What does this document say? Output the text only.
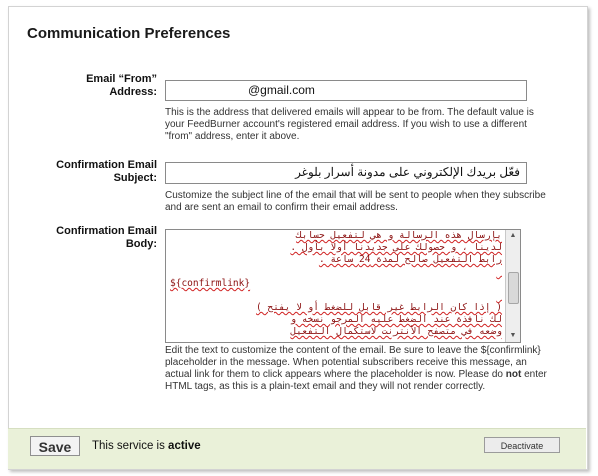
Communication Preferences
Email “From”
Address:	@gmail.com
This is the address that delivered emails will appear to be from. The default value is your FeedBurner account's registered email address. If you wish to use a different "from" address, enter it above.
Confirmation Email
Subject:	فعّل بريدك الإلكتروني على مدونة أسرار بلوغر
Customize the subject line of the email that will be sent to people when they subscribe and are sent an email to confirm their email address.
Confirmation Email
Body:
بإرسال هذه الرسالة و هي لتفعيل حسابك
لدينا ، و حصولك على جديدنا أولا بأول .
رابط التفعيل صالح لمدة 24 ساعة .

${confirmlink}

( إذا كان الرابط غير قابل للضغط أو لا يفتح )
لك نافذة عند الضغط عليه المرجو نسخه و
وضعه في متصفح الأنترنت لاستكمال التفعيل
▲
▼
Edit the text to customize the content of the email. Be sure to leave the ${confirmlink} placeholder in the message. When potential subscribers receive this message, an actual link for them to click appears where the placeholder is now. Please do not enter HTML tags, as this is a plain-text email and they will not render correctly.
Save	This service is active	Deactivate
